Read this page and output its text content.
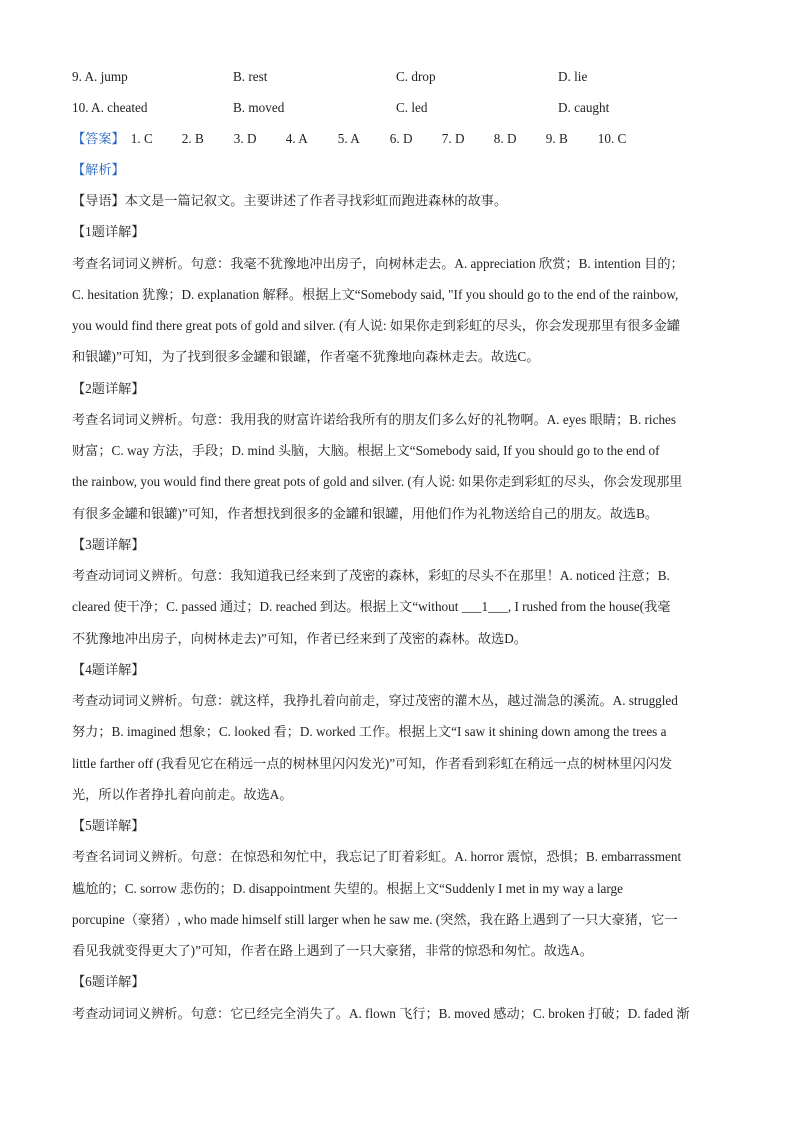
9. A. jump	B. rest	C. drop	D. lie
10. A. cheated	B. moved	C. led	D. caught
【答案】 1. C 2. B 3. D 4. A 5. A 6. D 7. D 8. D 9. B 10. C
【解析】
【导语】本文是一篇记叙文。主要讲述了作者寻找彩虹而跑进森林的故事。
【1题详解】
考查名词词义辨析。句意：我毫不犹豫地冲出房子，向树林走去。A. appreciation 欣赏；B. intention 目的；
C. hesitation 犹豫；D. explanation 解释。根据上文“Somebody said, "If you should go to the end of the rainbow,
you would find there great pots of gold and silver. (有人说: 如果你走到彩虹的尽头，你会发现那里有很多金罐
和银罐)”可知，为了找到很多金罐和银罐，作者毫不犹豫地向森林走去。故选C。
【2题详解】
考查名词词义辨析。句意：我用我的财富许诺给我所有的朋友们多么好的礼物啊。A. eyes 眼睛；B. riches
财富；C. way 方法，手段；D. mind 头脑，大脑。根据上文“Somebody said, If you should go to the end of
the rainbow, you would find there great pots of gold and silver. (有人说: 如果你走到彩虹的尽头，你会发现那里
有很多金罐和银罐)”可知，作者想找到很多的金罐和银罐，用他们作为礼物送给自己的朋友。故选B。
【3题详解】
考查动词词义辨析。句意：我知道我已经来到了茂密的森林，彩虹的尽头不在那里！A. noticed 注意；B.
cleared 使干净；C. passed 通过；D. reached 到达。根据上文“without ___1___, I rushed from the house(我毫
不犹豫地冲出房子，向树林走去)”可知，作者已经来到了茂密的森林。故选D。
【4题详解】
考查动词词义辨析。句意：就这样，我挣扎着向前走，穿过茂密的灌木丛，越过湍急的溪流。A. struggled
努力；B. imagined 想象；C. looked 看；D. worked 工作。根据上文“I saw it shining down among the trees a
little farther off (我看见它在稍远一点的树林里闪闪发光)”可知，作者看到彩虹在稍远一点的树林里闪闪发
光，所以作者挣扎着向前走。故选A。
【5题详解】
考查名词词义辨析。句意：在惊恐和匆忙中，我忘记了盯着彩虹。A. horror 震惊，恐惧；B. embarrassment
尴尬的；C. sorrow 悲伤的；D. disappointment 失望的。根据上文“Suddenly I met in my way a large
porcupine（豪猪）, who made himself still larger when he saw me. (突然，我在路上遇到了一只大豪猪，它一
看见我就变得更大了)”可知，作者在路上遇到了一只大豪猪，非常的惊恐和匆忙。故选A。
【6题详解】
考查动词词义辨析。句意：它已经完全消失了。A. flown 飞行；B. moved 感动；C. broken 打破；D. faded 渐
